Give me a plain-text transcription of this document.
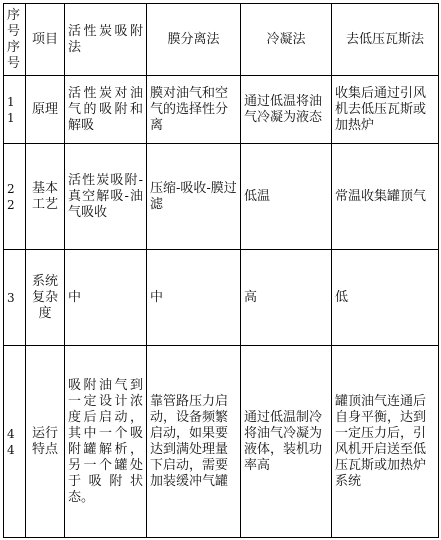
序号序号	项目	活性炭吸附法	膜分离法	冷凝法	去低压瓦斯法
11	原理	活性炭对油气的吸附和解吸	膜对油气和空气的选择性分离	通过低温将油气冷凝为液态	收集后通过引风机去低压瓦斯或加热炉
22	基本工艺	活性炭吸附-真空解吸-油气吸收	压缩-吸收-膜过滤	低温	常温收集罐顶气
3	系统复杂度	中	中	高	低
44	运行特点	吸附油气到一定设计浓度后启动，其中一个吸附罐解析，另一个罐处于吸附状态。	靠管路压力启动，设备频繁启动，如果要达到满处理量下启动，需要加装缓冲气罐	通过低温制冷将油气冷凝为液体，装机功率高	罐顶油气连通后自身平衡，达到一定压力后，引风机开启送至低压瓦斯或加热炉系统
